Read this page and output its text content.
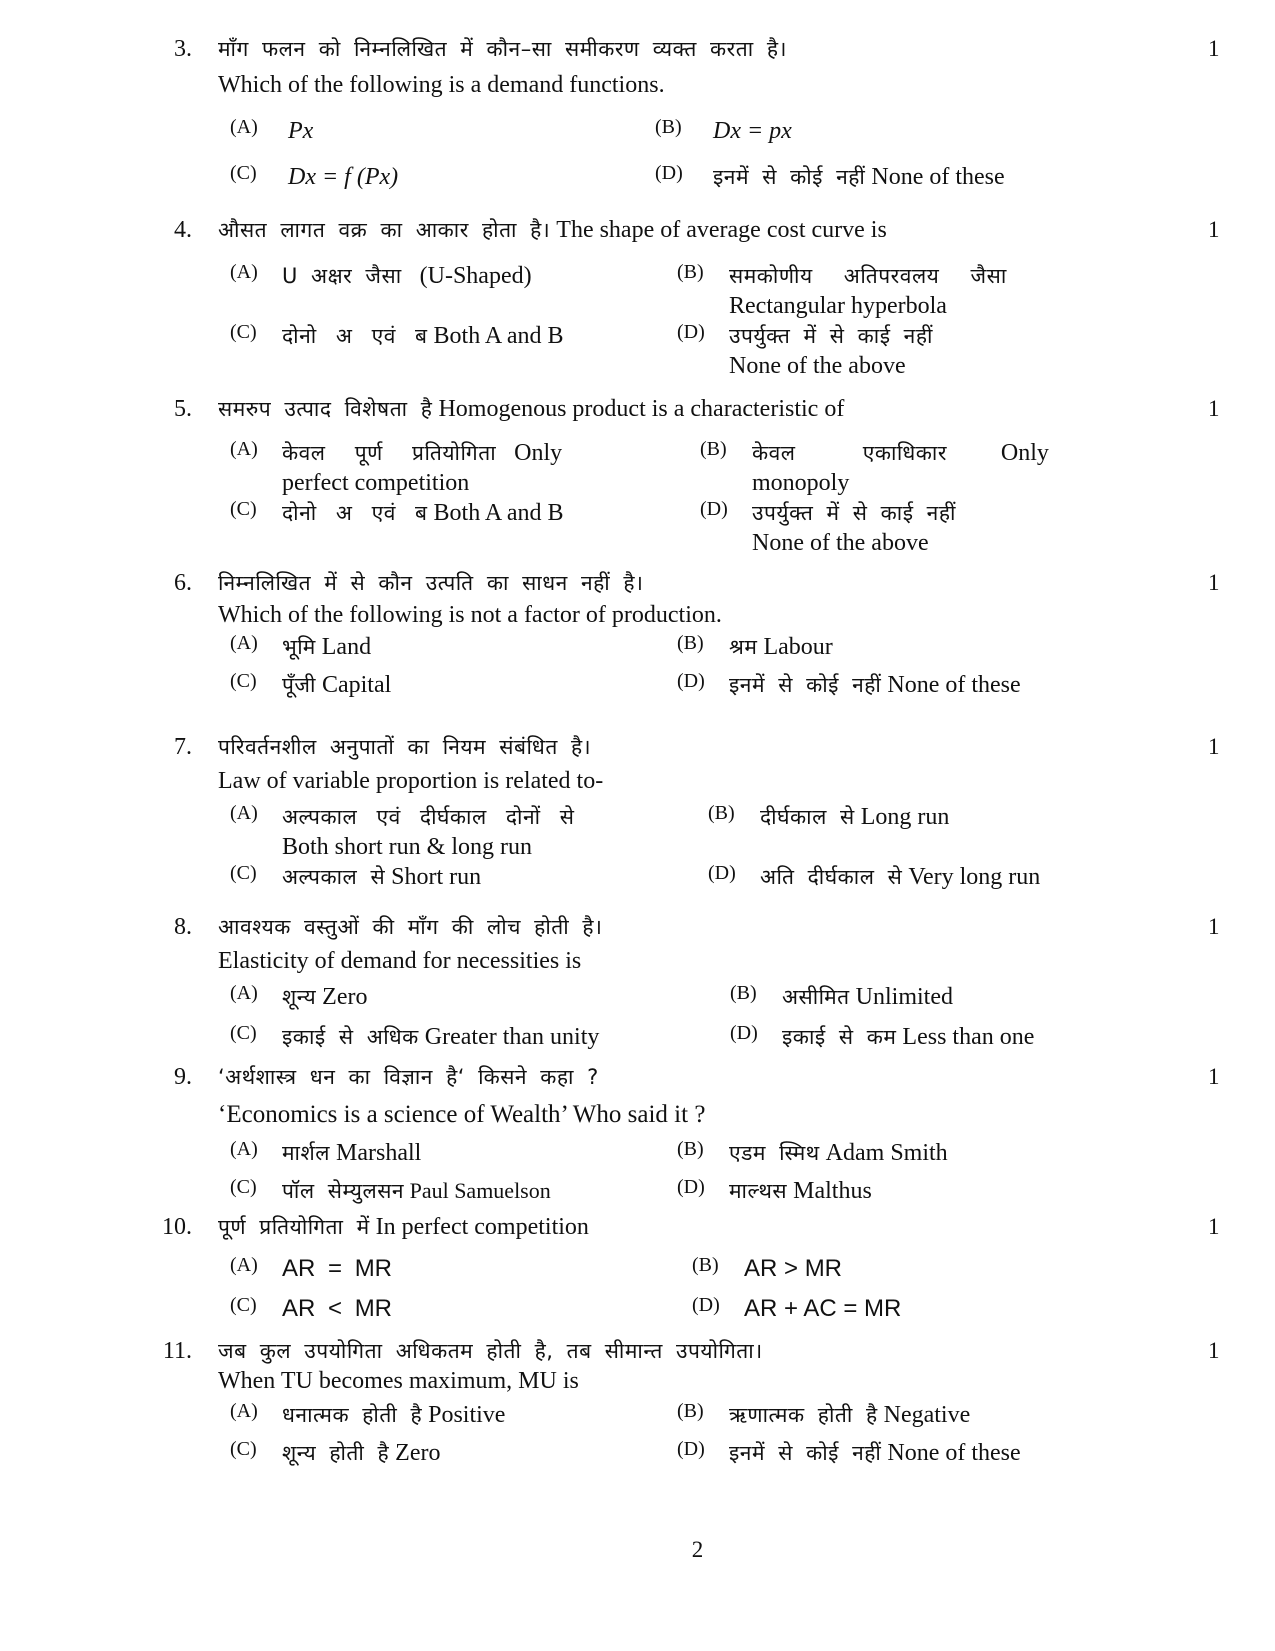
3.	1
माँग फलन को निम्नलिखित में कौन–सा समीकरण व्यक्त करता है।
Which of the following is a demand functions.
(A) Px	(B) Dx = px
(C) Dx = f (Px)	(D) इनमें से कोई नहीं None of these
4.	1
औसत लागत वक्र का आकार होता है। The shape of average cost curve is
(A) U अक्षर जैसा (U-Shaped)	(B) समकोणीय अतिपरवलय जैसा
Rectangular hyperbola
(C) दोनो अ एवं ब Both A and B	(D) उपर्युक्त में से काई नहीं
None of the above
5.	1
समरुप उत्पाद विशेषता है Homogenous product is a characteristic of
(A) केवल पूर्ण प्रतियोगिता Only
perfect competition
(B) केवल एकाधिकार Only
monopoly
(C) दोनो अ एवं ब Both A and B	(D) उपर्युक्त में से काई नहीं
None of the above
6.	1
निम्नलिखित में से कौन उत्पति का साधन नहीं है।
Which of the following is not a factor of production.
(A) भूमि Land	(B) श्रम Labour
(C) पूँजी Capital	(D) इनमें से कोई नहीं None of these
7.	1
परिवर्तनशील अनुपातों का नियम संबंधित है।
Law of variable proportion is related to-
(A) अल्पकाल एवं दीर्घकाल दोनों से
Both short run & long run
(B) दीर्घकाल से Long run
(C) अल्पकाल से Short run	(D) अति दीर्घकाल से Very long run
8.	1
आवश्यक वस्तुओं की माँग की लोच होती है।
Elasticity of demand for necessities is
(A) शून्य Zero	(B) असीमित Unlimited
(C) इकाई से अधिक Greater than unity	(D) इकाई से कम Less than one
9.	1
‘अर्थशास्त्र धन का विज्ञान है‘ किसने कहा ?
‘Economics is a science of Wealth’ Who said it ?
(A) मार्शल Marshall	(B) एडम स्मिथ Adam Smith
(C) पॉल सेम्युलसन Paul Samuelson	(D) माल्थस Malthus
10.	1
पूर्ण प्रतियोगिता में In perfect competition
(A) AR = MR	(B) AR > MR
(C) AR < MR	(D) AR + AC = MR
11.	1
जब कुल उपयोगिता अधिकतम होती है, तब सीमान्त उपयोगिता।
When TU becomes maximum, MU is
(A) धनात्मक होती है Positive	(B) ऋणात्मक होती है Negative
(C) शून्य होती है Zero	(D) इनमें से कोई नहीं None of these
2
